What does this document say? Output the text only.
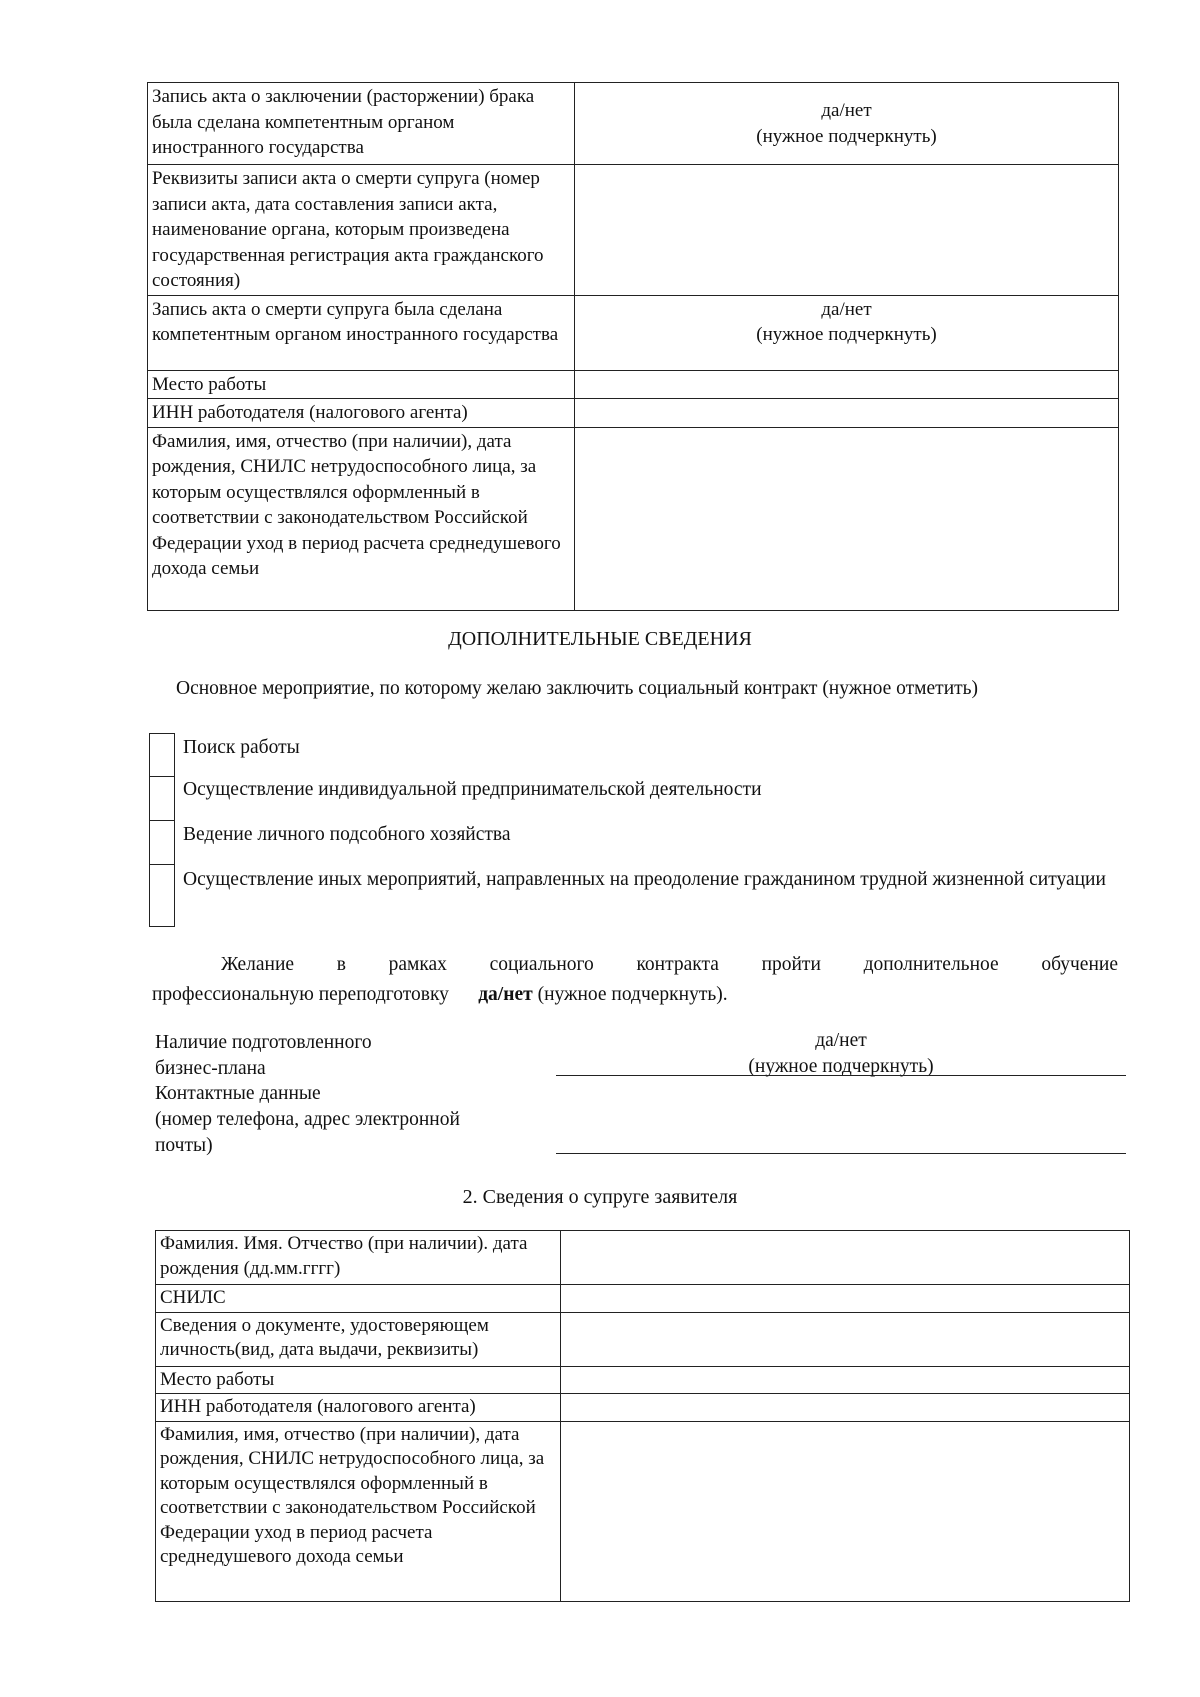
Запись акта о заключении (расторжении) брака была сделана компетентным органом иностранного государства	да/нет
(нужное подчеркнуть)

Реквизиты записи акта о смерти супруга (номер записи акта, дата составления записи акта, наименование органа, которым произведена государственная регистрация акта гражданского состояния)	
Запись акта о смерти супруга была сделана компетентным органом иностранного государства	да/нет
(нужное подчеркнуть)

Место работы	
ИНН работодателя (налогового агента)	
Фамилия, имя, отчество (при наличии), дата рождения, СНИЛС нетрудоспособного лица, за которым осуществлялся оформленный в соответствии с законодательством Российской Федерации уход в период расчета среднедушевого дохода семьи	
ДОПОЛНИТЕЛЬНЫЕ СВЕДЕНИЯ
Основное мероприятие, по которому желаю заключить социальный контракт (нужное отметить)
Поиск работы
Осуществление индивидуальной предпринимательской деятельности
Ведение личного подсобного хозяйства
Осуществление иных мероприятий, направленных на преодоление гражданином трудной жизненной ситуации
Желание в рамках социального контракта пройти дополнительное обучение
профессиональную переподготовку да/нет (нужное подчеркнуть).
Наличие подготовленного
бизнес-плана
да/нет
(нужное подчеркнуть)
Контактные данные
(номер телефона, адрес электронной
почты)
2. Сведения о супруге заявителя
Фамилия. Имя. Отчество (при наличии). дата рождения (дд.мм.гггг)	
СНИЛС	
Сведения о документе, удостоверяющем личность(вид, дата выдачи, реквизиты)	
Место работы	
ИНН работодателя (налогового агента)	
Фамилия, имя, отчество (при наличии), дата рождения, СНИЛС нетрудоспособного лица, за которым осуществлялся оформленный в соответствии с законодательством Российской Федерации уход в период расчета среднедушевого дохода семьи	
